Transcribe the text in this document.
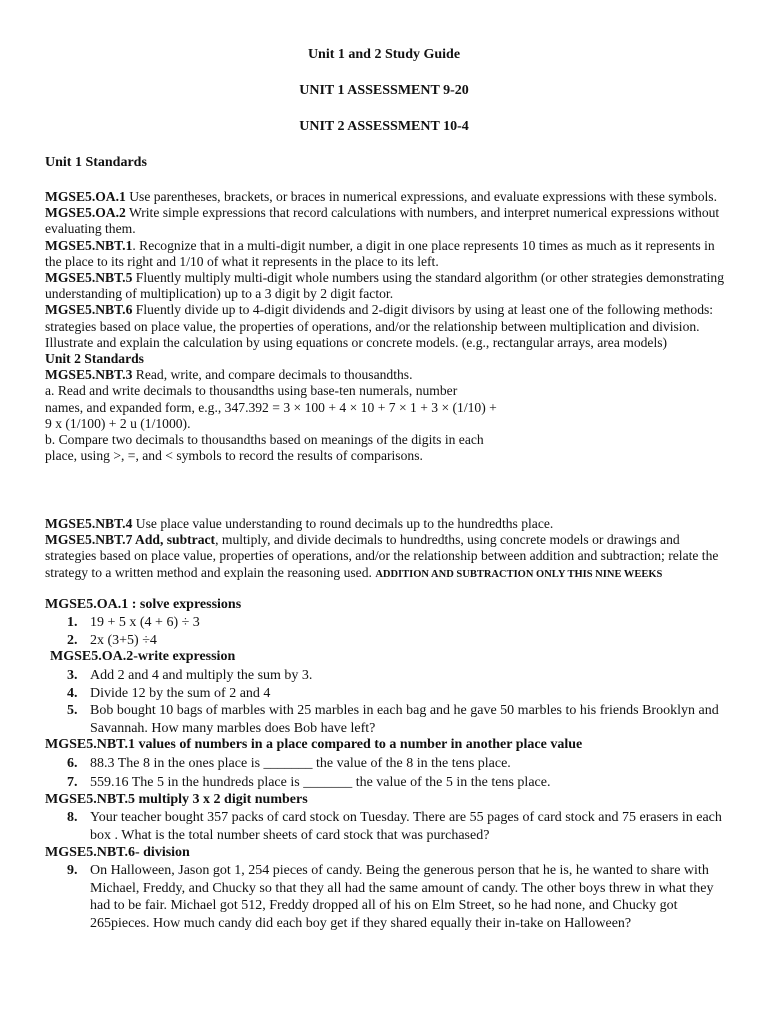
Unit 1 and 2 Study Guide
UNIT 1 ASSESSMENT 9-20
UNIT 2 ASSESSMENT 10-4
Unit 1 Standards
MGSE5.OA.1 Use parentheses, brackets, or braces in numerical expressions, and evaluate expressions with these symbols.
MGSE5.OA.2 Write simple expressions that record calculations with numbers, and interpret numerical expressions without evaluating them.
MGSE5.NBT.1. Recognize that in a multi-digit number, a digit in one place represents 10 times as much as it represents in the place to its right and 1/10 of what it represents in the place to its left.
MGSE5.NBT.5 Fluently multiply multi-digit whole numbers using the standard algorithm (or other strategies demonstrating understanding of multiplication) up to a 3 digit by 2 digit factor.
MGSE5.NBT.6 Fluently divide up to 4-digit dividends and 2-digit divisors by using at least one of the following methods: strategies based on place value, the properties of operations, and/or the relationship between multiplication and division. Illustrate and explain the calculation by using equations or concrete models. (e.g., rectangular arrays, area models)
Unit 2 Standards
MGSE5.NBT.3 Read, write, and compare decimals to thousandths.
a. Read and write decimals to thousandths using base-ten numerals, number
names, and expanded form, e.g., 347.392 = 3 × 100 + 4 × 10 + 7 × 1 + 3 × (1/10) +
9 x (1/100) + 2 u (1/1000).
b. Compare two decimals to thousandths based on meanings of the digits in each
place, using >, =, and < symbols to record the results of comparisons.
MGSE5.NBT.4 Use place value understanding to round decimals up to the hundredths place.
MGSE5.NBT.7 Add, subtract, multiply, and divide decimals to hundredths, using concrete models or drawings and strategies based on place value, properties of operations, and/or the relationship between addition and subtraction; relate the strategy to a written method and explain the reasoning used. ADDITION AND SUBTRACTION ONLY THIS NINE WEEKS
MGSE5.OA.1 : solve expressions
1. 19 + 5 x (4 + 6) ÷ 3
2. 2x (3+5) ÷4
MGSE5.OA.2-write expression
3. Add 2 and 4 and multiply the sum by 3.
4. Divide 12 by the sum of 2 and 4
5. Bob bought 10 bags of marbles with 25 marbles in each bag and he gave 50 marbles to his friends Brooklyn and Savannah. How many marbles does Bob have left?
MGSE5.NBT.1 values of numbers in a place compared to a number in another place value
6. 88.3 The 8 in the ones place is _______ the value of the 8 in the tens place.
7. 559.16 The 5 in the hundreds place is _______ the value of the 5 in the tens place.
MGSE5.NBT.5 multiply 3 x 2 digit numbers
8. Your teacher bought 357 packs of card stock on Tuesday. There are 55 pages of card stock and 75 erasers in each box . What is the total number sheets of card stock that was purchased?
MGSE5.NBT.6- division
9. On Halloween, Jason got 1, 254 pieces of candy. Being the generous person that he is, he wanted to share with Michael, Freddy, and Chucky so that they all had the same amount of candy. The other boys threw in what they had to be fair. Michael got 512, Freddy dropped all of his on Elm Street, so he had none, and Chucky got 265pieces. How much candy did each boy get if they shared equally their in-take on Halloween?
